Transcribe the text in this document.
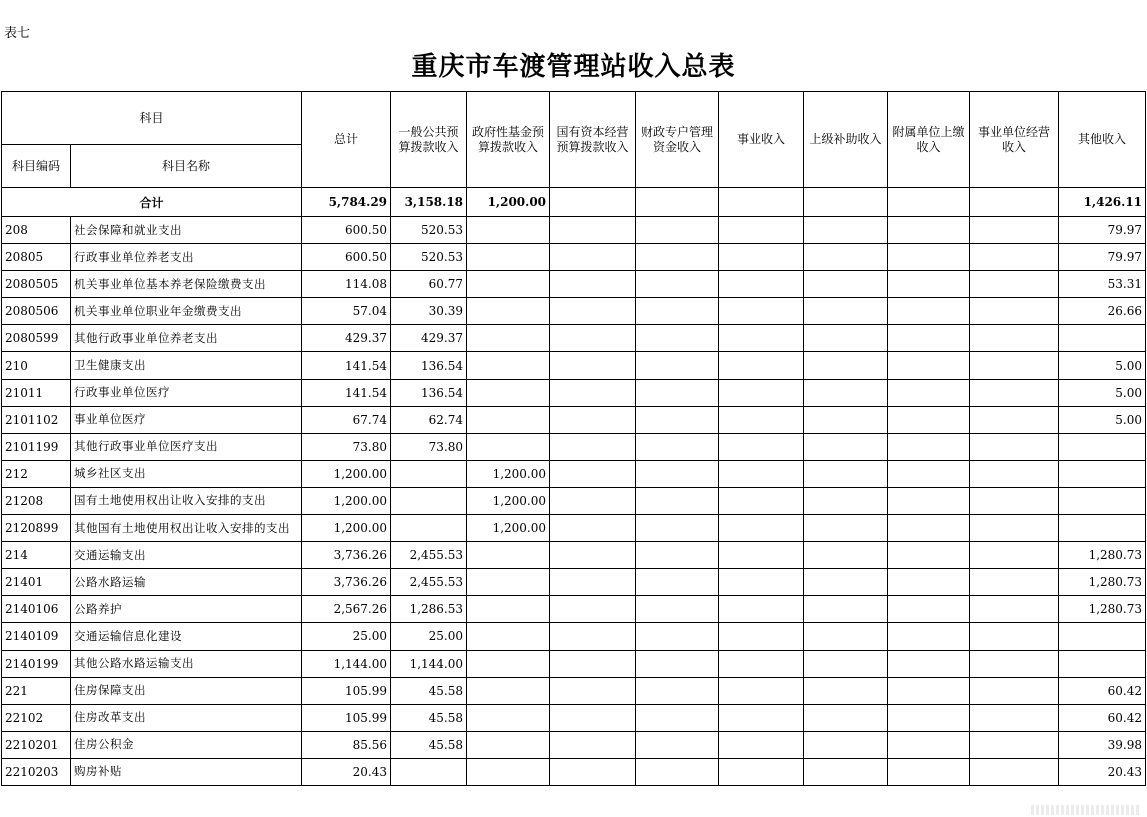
表七
重庆市车渡管理站收入总表
科目		总计	一般公共预算拨款收入	政府性基金预算拨款收入	国有资本经营预算拨款收入	财政专户管理资金收入	事业收入	上级补助收入	附属单位上缴收入	事业单位经营收入	其他收入
科目编码	科目名称										
合计		5,784.29	3,158.18	1,200.00							1,426.11
208	社会保障和就业支出	600.50	520.53								79.97
20805	行政事业单位养老支出	600.50	520.53								79.97
2080505	机关事业单位基本养老保险缴费支出	114.08	60.77								53.31
2080506	机关事业单位职业年金缴费支出	57.04	30.39								26.66
2080599	其他行政事业单位养老支出	429.37	429.37								
210	卫生健康支出	141.54	136.54								5.00
21011	行政事业单位医疗	141.54	136.54								5.00
2101102	事业单位医疗	67.74	62.74								5.00
2101199	其他行政事业单位医疗支出	73.80	73.80								
212	城乡社区支出	1,200.00		1,200.00							
21208	国有土地使用权出让收入安排的支出	1,200.00		1,200.00							
2120899	其他国有土地使用权出让收入安排的支出	1,200.00		1,200.00							
214	交通运输支出	3,736.26	2,455.53								1,280.73
21401	公路水路运输	3,736.26	2,455.53								1,280.73
2140106	公路养护	2,567.26	1,286.53								1,280.73
2140109	交通运输信息化建设	25.00	25.00								
2140199	其他公路水路运输支出	1,144.00	1,144.00								
221	住房保障支出	105.99	45.58								60.42
22102	住房改革支出	105.99	45.58								60.42
2210201	住房公积金	85.56	45.58								39.98
2210203	购房补贴	20.43									20.43
